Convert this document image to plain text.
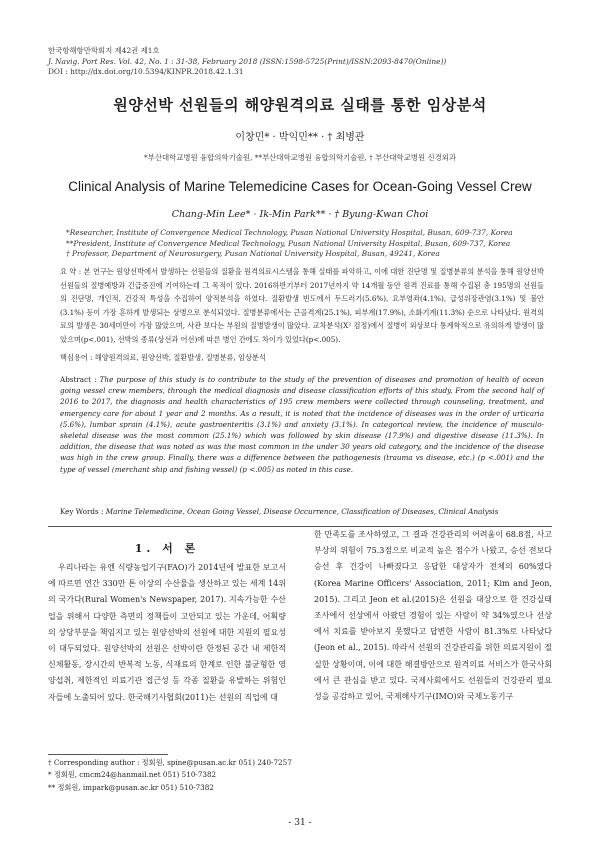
한국항해항만학회지 제42권 제1호
J. Navig. Port Res. Vol. 42, No. 1 : 31-38, February 2018 (ISSN:1598-5725(Print)/ISSN:2093-8470(Online))
DOI : http://dx.doi.org/10.5394/KINPR.2018.42.1.31
원양선박 선원들의 해양원격의료 실태를 통한 임상분석
이창민* · 박익민** · † 최병관
*부산대학교병원 융합의학기술원, **부산대학교병원 융합의학기술원, † 부산대학교병원 신경외과
Clinical Analysis of Marine Telemedicine Cases for Ocean-Going Vessel Crew
Chang-Min Lee* · Ik-Min Park** · † Byung-Kwan Choi
*Researcher, Institute of Convergence Medical Technology, Pusan National University Hospital, Busan, 609-737, Korea
**President, Institute of Convergence Medical Technology, Pusan National University Hospital, Busan, 609-737, Korea
† Professor, Department of Neurosurgery, Pusan National University Hospital, Busan, 49241, Korea
요 약 : 본 연구는 원양선박에서 발생하는 선원들의 질환을 원격의료시스템을 통해 실태를 파악하고, 이에 대한 진단명 및 질병분류의 분석을 통해 원양선박 선원들의 질병예방과 긴급증진에 기여하는데 그 목적이 있다. 2016하반기부터 2017년까지 약 14개월 동안 원격 진료를 통해 수집된 총 195명의 선원들의 진단명, 개인적, 건강적 특성을 수집하여 양적분석을 하였다. 질환발생 빈도에서 두드러기(5.6%), 요부염좌(4.1%), 급성위장관염(3.1%) 및 불안(3.1%) 등이 가장 흔하게 발생되는 상병으로 분석되었다. 질병분류에서는 근골격계(25.1%), 피부계(17.9%), 소화기계(11.3%) 순으로 나타났다. 원격의료의 발생은 30세미만이 가장 많았으며, 사관 보다는 부원의 질병발생이 많았다. 교차분석(X² 검정)에서 질병이 외상보다 통계학적으로 유의하게 발생이 많았으며(p<.001), 선박의 종류(상선과 어선)에 따른 병인 간에도 차이가 있었다(p<.005).
핵심용어 : 해양원격의료, 원양선박, 질환발생, 질병분류, 임상분석
Abstract : The purpose of this study is to contribute to the study of the prevention of diseases and promotion of health of ocean going vessel crew members, through the medical diagnosis and disease classification efforts of this study. From the second half of 2016 to 2017, the diagnosis and health characteristics of 195 crew members were collected through counseling, treatment, and emergency care for about 1 year and 2 months. As a result, it is noted that the incidence of diseases was in the order of urticaria (5.6%), lumbar sprain (4.1%), acute gastroenteritis (3.1%) and anxiety (3.1%). In categorical review, the incidence of musculo-skeletal disease was the most common (25.1%) which was followed by skin disease (17.9%) and digestive disease (11.3%). In addition, the disease that was noted as was the most common in the under 30 years old category, and the incidence of the disease was high in the crew group. Finally, there was a difference between the pathogenesis (trauma vs disease, etc.) (p <.001) and the type of vessel (merchant ship and fishing vessel) (p <.005) as noted in this case.
Key Words : Marine Telemedicine, Ocean Going Vessel, Disease Occurrence, Classification of Diseases, Clinical Analysis
1. 서 론
우리나라는 유엔 식량농업기구(FAO)가 2014년에 발표한 보고서에 따르면 연간 330만 톤 이상의 수산물을 생산하고 있는 세계 14위의 국가다(Rural Women's Newspaper, 2017). 지속가능한 수산업을 위해서 다양한 측면의 정책들이 고안되고 있는 가운데, 어획량의 상당부분을 책임지고 있는 원양선박의 선원에 대한 지원의 필요성이 대두되었다. 원양선박의 선원은 선박이란 한정된 공간 내 제한적 신체활동, 장시간의 반복적 노동, 식재료의 한계로 인한 불균형한 영양섭취, 제한적인 의료기관 접근성 등 각종 질환을 유발하는 위험인자들에 노출되어 있다. 한국해기사협회(2011)는 선원의 직업에 대
한 만족도를 조사하였고, 그 결과 건강관리의 어려움이 68.8점, 사고부상의 위험이 75.3점으로 비교적 높은 점수가 나왔고, 승선 전보다 승선 후 건강이 나빠졌다고 응답한 대상자가 전체의 60%였다(Korea Marine Officers' Association, 2011; Kim and Jeon, 2015). 그리고 Jeon et al.(2015)은 선원을 대상으로 한 건강실태 조사에서 선상에서 아팠던 경험이 있는 사람이 약 34%였으나 선상에서 치료를 받아보지 못했다고 답변한 사람이 81.3%로 나타났다(Jeon et al., 2015). 따라서 선원의 건강관리를 위한 의료지원이 절실한 상황이며, 이에 대한 해결방안으로 원격의료 서비스가 한국사회에서 큰 관심을 받고 있다. 국제사회에서도 선원들의 건강관리 필요성을 공감하고 있어, 국제해사기구(IMO)와 국제노동기구
† Corresponding author : 정회원, spine@pusan.ac.kr 051) 240-7257
* 정회원, cmcm24@hanmail.net 051) 510-7382
** 정회원, impark@pusan.ac.kr 051) 510-7382
- 31 -
